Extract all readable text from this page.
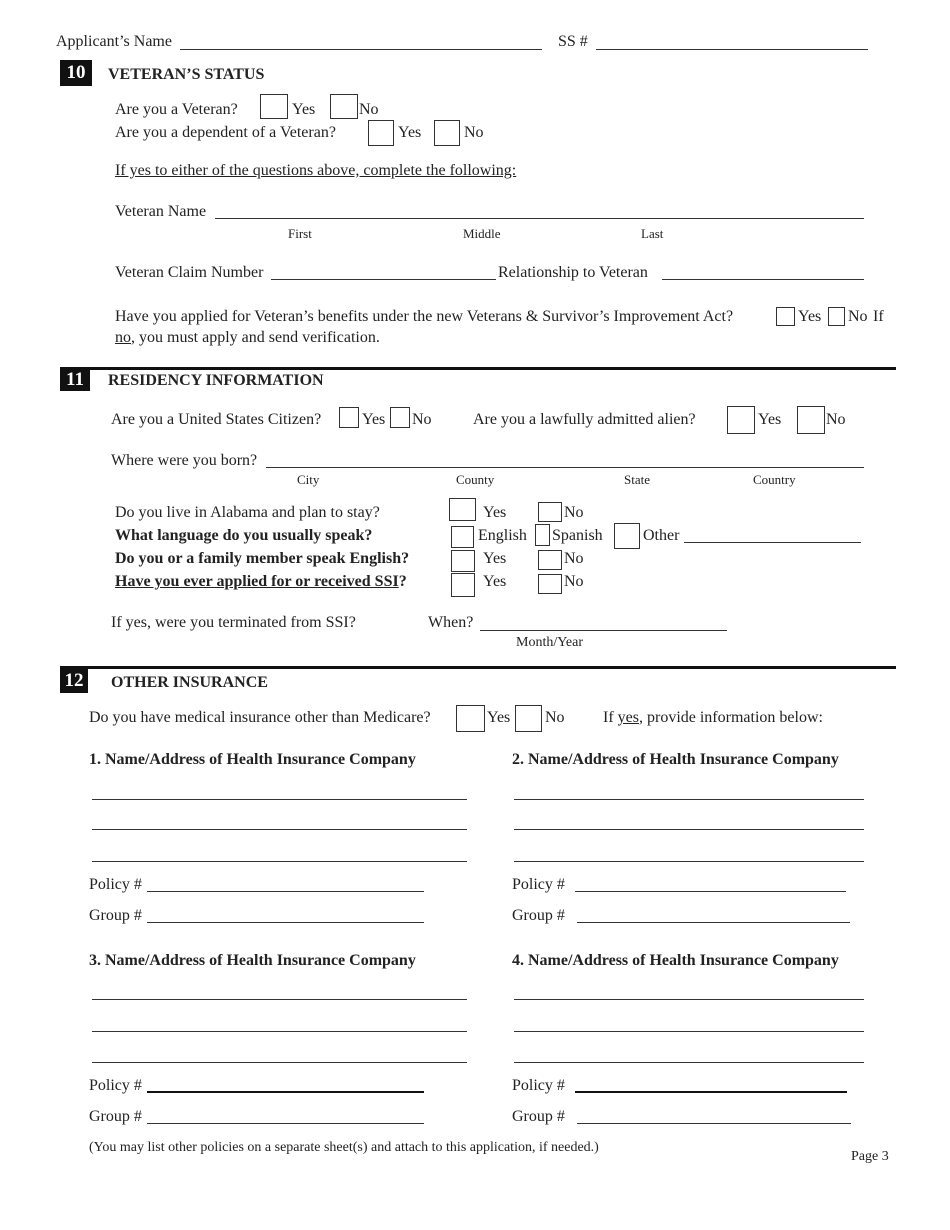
Applicant’s Name	SS #
10	VETERAN’S STATUS
Are you a Veteran?	Yes	No
Are you a dependent of a Veteran?	Yes	No
If yes to either of the questions above, complete the following:
Veteran Name
First	Middle	Last
Veteran Claim Number	Relationship to Veteran
Have you applied for Veteran’s benefits under the new Veterans & Survivor’s Improvement Act?	Yes No If
no, you must apply and send verification.
11	RESIDENCY INFORMATION
Are you a United States Citizen?	Yes No	Are you a lawfully admitted alien?	Yes	No
Where were you born?
City	County	State	Country
Do you live in Alabama and plan to stay?	Yes	No
What language do you usually speak?	English Spanish	Other
Do you or a family member speak English?	Yes	No
Have you ever applied for or received SSI?	Yes	No
If yes, were you terminated from SSI?	When?
Month/Year
12 OTHER INSURANCE
Do you have medical insurance other than Medicare?	Yes No If yes, provide information below:
1. Name/Address of Health Insurance Company	2. Name/Address of Health Insurance Company
Policy #	Policy #
Group #	Group #
3. Name/Address of Health Insurance Company	4. Name/Address of Health Insurance Company
Policy #	Policy #
Group #	Group #
(You may list other policies on a separate sheet(s) and attach to this application, if needed.)
Page 3
